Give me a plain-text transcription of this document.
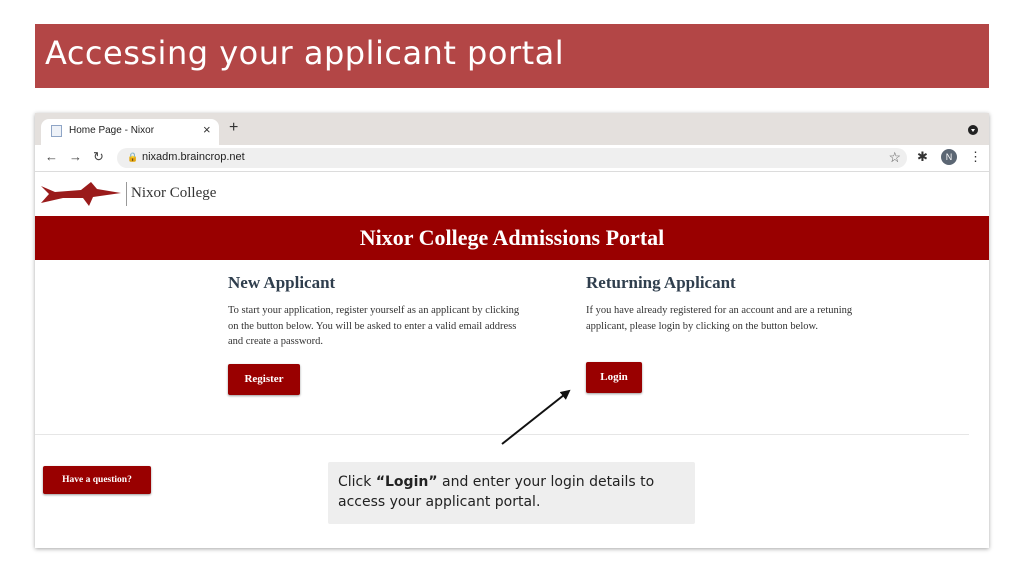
Accessing your applicant portal
Home Page - Nixor	× +
← → ↻	🔒 nixadm.braincrop.net	☆ ✱	N	⋮
Nixor College
Nixor College Admissions Portal
New Applicant

To start your application, register yourself as an applicant by clicking on the button below. You will be asked to enter a valid email address and create a password.

Register
Returning Applicant

If you have already registered for an account and are a retuning applicant, please login by clicking on the button below.

Login
Have a question?	Click “Login” and enter your login details to access your applicant portal.
